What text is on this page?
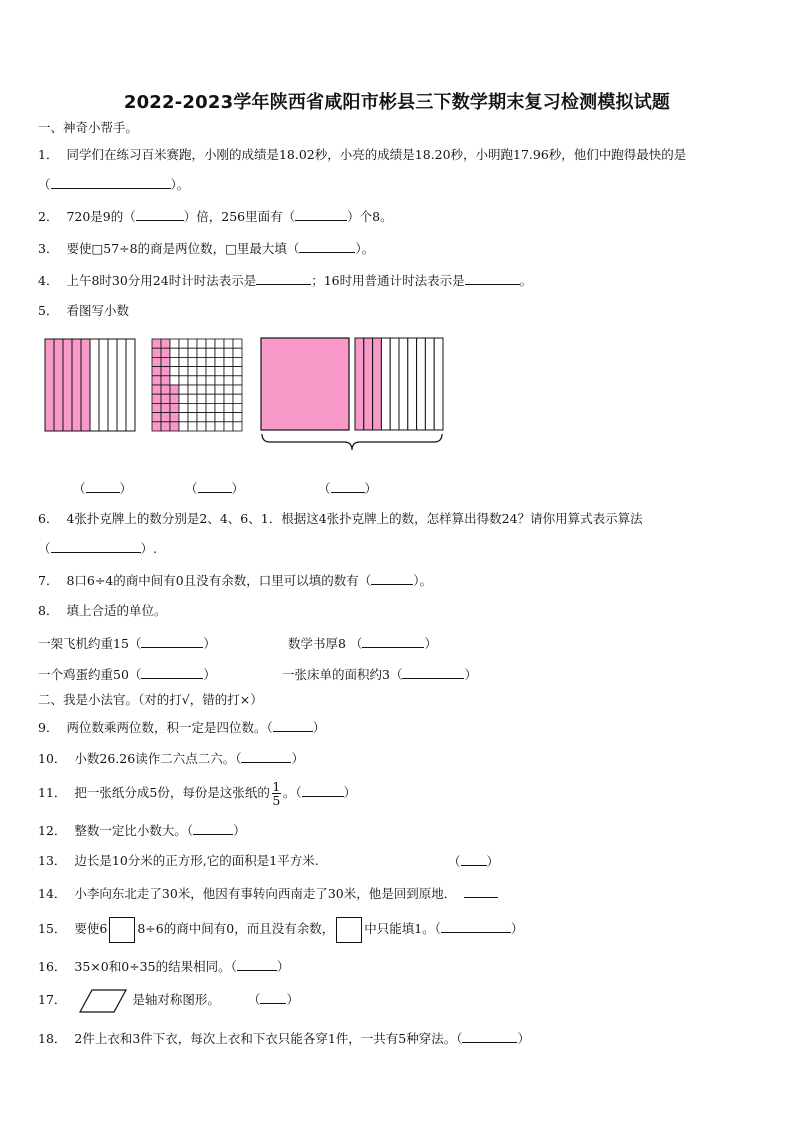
2022-2023学年陕西省咸阳市彬县三下数学期末复习检测模拟试题
一、神奇小帮手。
1． 同学们在练习百米赛跑，小刚的成绩是18.02秒，小亮的成绩是18.20秒，小明跑17.96秒，他们中跑得最快的是
（	）。
2． 720是9的（	）倍，256里面有（	）个8。
3． 要使□57÷8的商是两位数，□里最大填（	）。
4． 上午8时30分用24时计时法表示是	；16时用普通计时法表示是	。
5． 看图写小数
（	）	（	）	（	）
6． 4张扑克牌上的数分别是2、4、6、1．根据这4张扑克牌上的数，怎样算出得数24？请你用算式表示算法
（	）.
7． 8口6÷4的商中间有0且没有余数，口里可以填的数有（	）。
8． 填上合适的单位。
一架飞机约重15（	）	数学书厚8 （	）
一个鸡蛋约重50（	）	一张床单的面积约3（	）
二、我是小法官。（对的打√，错的打×）
9． 两位数乘两位数，积一定是四位数。（	）
10． 小数26.26读作二六点二六。（	）
11． 把一张纸分成5份，每份是这张纸的 $\frac{1}{5}$ 。（	）
12． 整数一定比小数大。（	）
13． 边长是10分米的正方形,它的面积是1平方米.	（ ）
14． 小李向东北走了30米，他因有事转向西南走了30米，他是回到原地．
15． 要使6 8÷6的商中间有0，而且没有余数， 中只能填1。（	）
16． 35×0和0÷35的结果相同。（	）
17．	是轴对称图形。 （ ）
18． 2件上衣和3件下衣，每次上衣和下衣只能各穿1件，一共有5种穿法。（	）
